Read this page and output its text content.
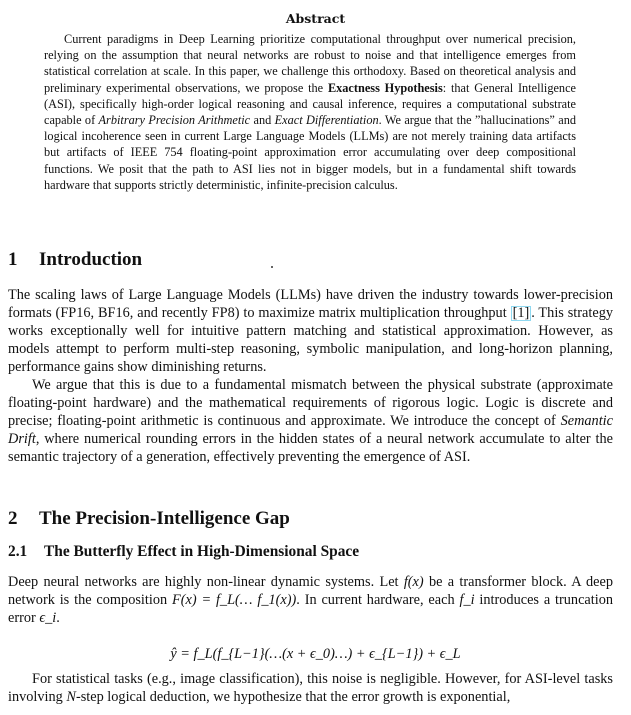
Abstract
Current paradigms in Deep Learning prioritize computational throughput over numerical precision, relying on the assumption that neural networks are robust to noise and that intelligence emerges from statistical correlation at scale. In this paper, we challenge this orthodoxy. Based on theoretical analysis and preliminary experimental observations, we propose the Exactness Hypothesis: that General Intelligence (ASI), specifically high-order logical reasoning and causal inference, requires a computational substrate capable of Arbitrary Precision Arithmetic and Exact Differentiation. We argue that the ”hallucinations” and logical incoherence seen in current Large Language Models (LLMs) are not merely training data artifacts but artifacts of IEEE 754 floating-point approximation error accumulating over deep compositional functions. We posit that the path to ASI lies not in bigger models, but in a fundamental shift towards hardware that supports strictly deterministic, infinite-precision calculus.
1 Introduction
The scaling laws of Large Language Models (LLMs) have driven the industry towards lower-precision formats (FP16, BF16, and recently FP8) to maximize matrix multiplication throughput [1] . This strategy works exceptionally well for intuitive pattern matching and statistical approximation. However, as models attempt to perform multi-step reasoning, symbolic manipulation, and long-horizon planning, performance gains show diminishing returns.
We argue that this is due to a fundamental mismatch between the physical substrate (approximate floating-point hardware) and the mathematical requirements of rigorous logic. Logic is discrete and precise; floating-point arithmetic is continuous and approximate. We introduce the concept of Semantic Drift, where numerical rounding errors in the hidden states of a neural network accumulate to alter the semantic trajectory of a generation, effectively preventing the emergence of ASI.
2 The Precision-Intelligence Gap
2.1 The Butterfly Effect in High-Dimensional Space
Deep neural networks are highly non-linear dynamic systems. Let f(x) be a transformer block. A deep network is the composition F(x) = f_L(… f_1(x)). In current hardware, each f_i introduces a truncation error ϵ_i.
ŷ = f_L(f_{L−1}(…(x + ϵ_0)…) + ϵ_{L−1}) + ϵ_L
For statistical tasks (e.g., image classification), this noise is negligible. However, for ASI-level tasks involving N-step logical deduction, we hypothesize that the error growth is exponential,
